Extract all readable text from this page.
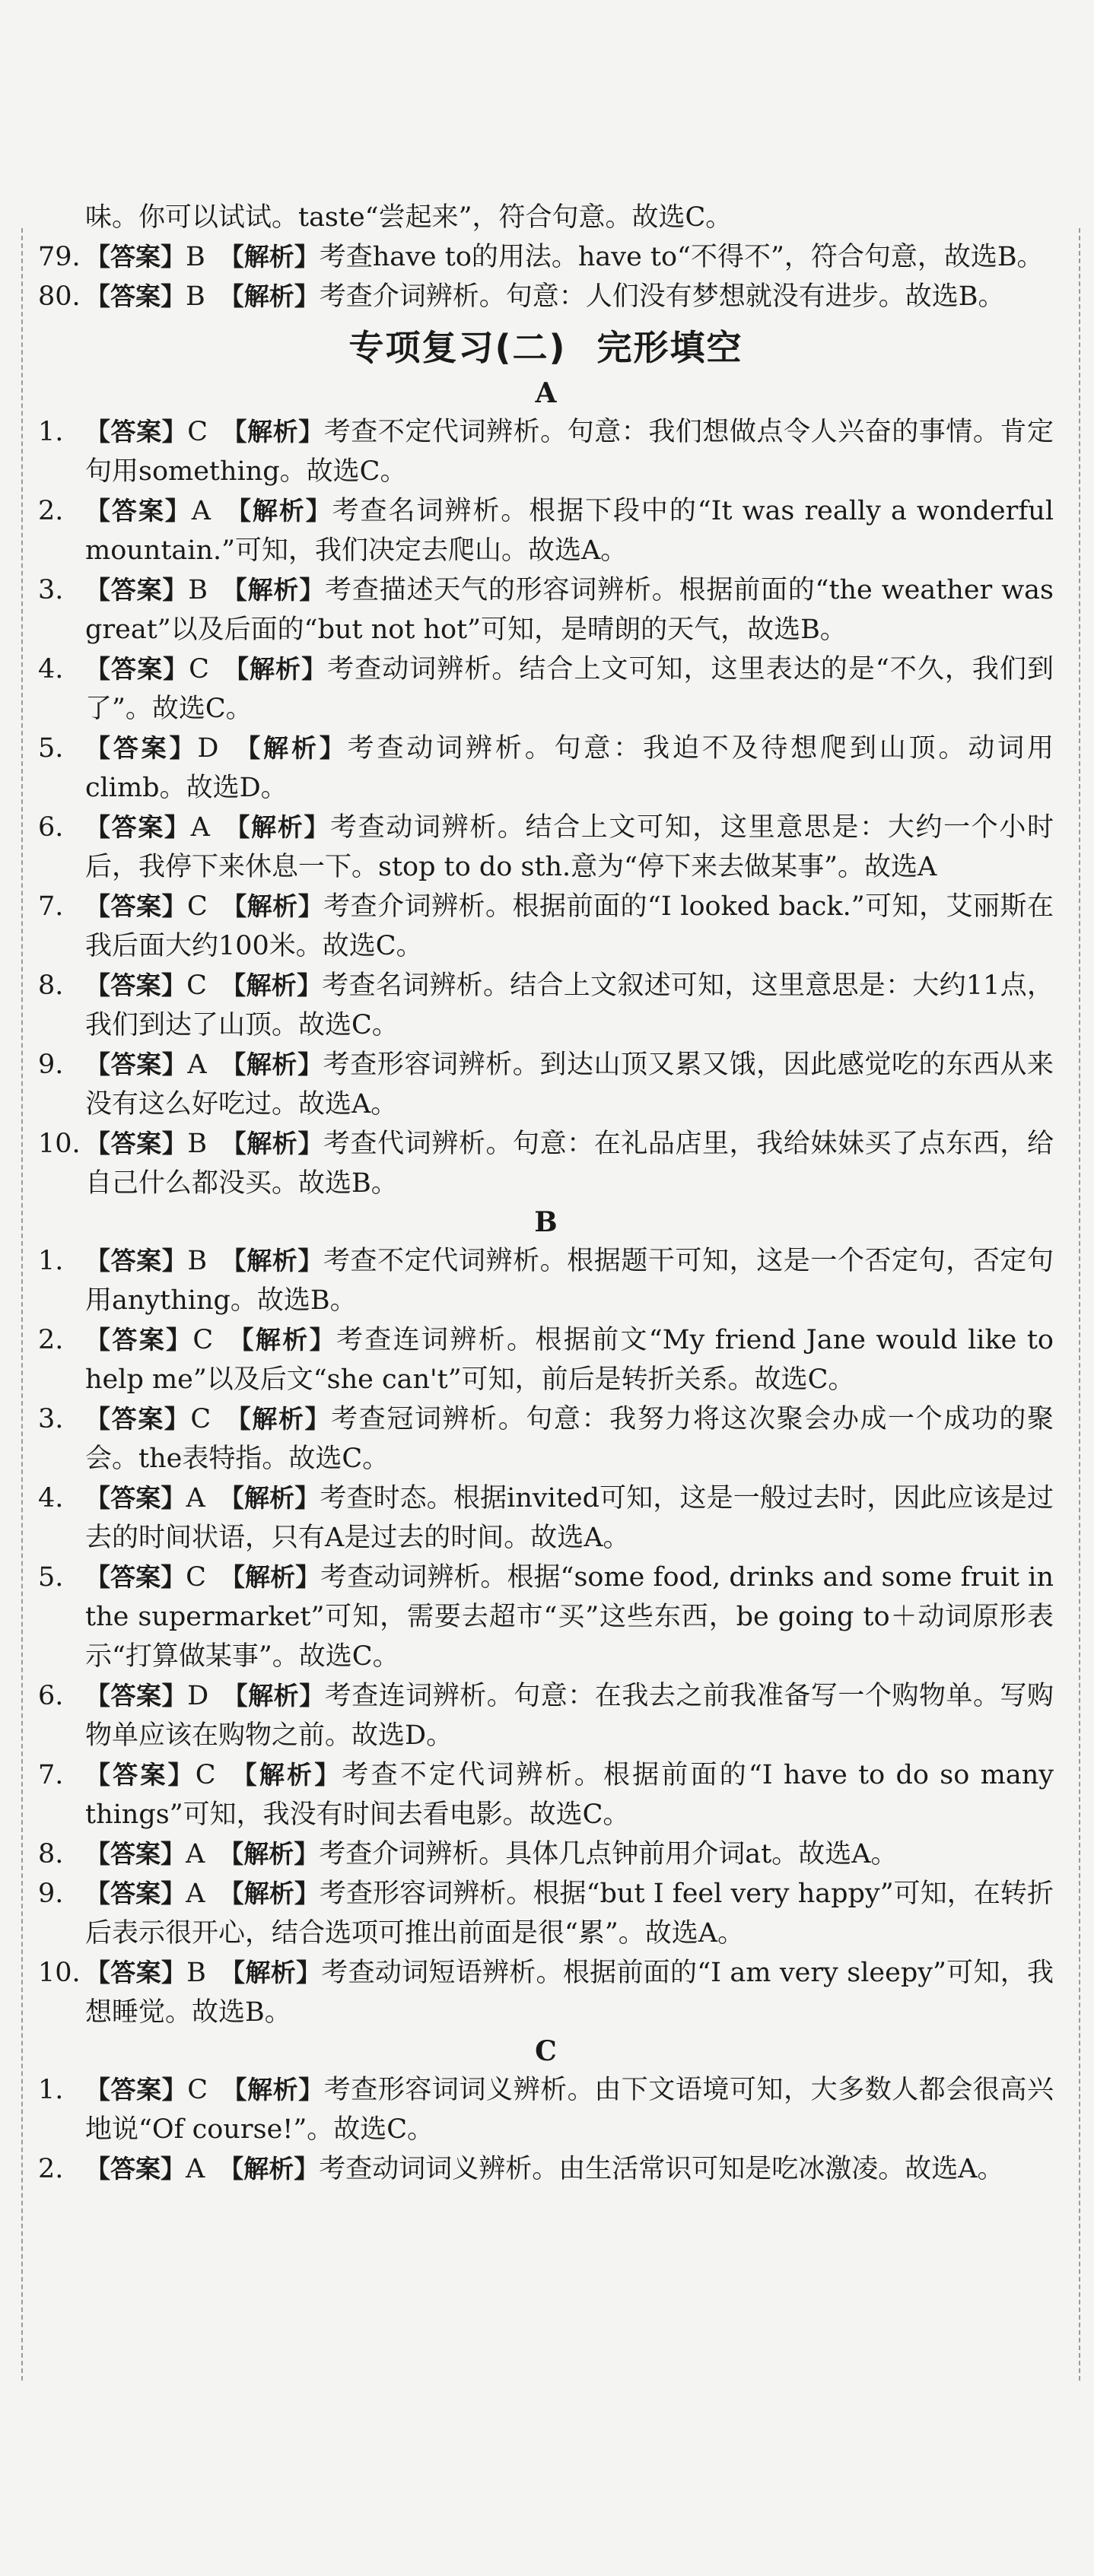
味。你可以试试。taste“尝起来”，符合句意。故选C。
79. 【答案】B 【解析】考查have to的用法。have to“不得不”，符合句意，故选B。
80. 【答案】B 【解析】考查介词辨析。句意：人们没有梦想就没有进步。故选B。
专项复习(二) 完形填空
A
1. 【答案】C 【解析】考查不定代词辨析。句意：我们想做点令人兴奋的事情。肯定句用something。故选C。
2. 【答案】A 【解析】考查名词辨析。根据下段中的“It was really a wonderful mountain.”可知，我们决定去爬山。故选A。
3. 【答案】B 【解析】考查描述天气的形容词辨析。根据前面的“the weather was great”以及后面的“but not hot”可知，是晴朗的天气，故选B。
4. 【答案】C 【解析】考查动词辨析。结合上文可知，这里表达的是“不久，我们到了”。故选C。
5. 【答案】D 【解析】考查动词辨析。句意：我迫不及待想爬到山顶。动词用climb。故选D。
6. 【答案】A 【解析】考查动词辨析。结合上文可知，这里意思是：大约一个小时后，我停下来休息一下。stop to do sth.意为“停下来去做某事”。故选A
7. 【答案】C 【解析】考查介词辨析。根据前面的“I looked back.”可知，艾丽斯在我后面大约100米。故选C。
8. 【答案】C 【解析】考查名词辨析。结合上文叙述可知，这里意思是：大约11点，我们到达了山顶。故选C。
9. 【答案】A 【解析】考查形容词辨析。到达山顶又累又饿，因此感觉吃的东西从来没有这么好吃过。故选A。
10. 【答案】B 【解析】考查代词辨析。句意：在礼品店里，我给妹妹买了点东西，给自己什么都没买。故选B。
B
1. 【答案】B 【解析】考查不定代词辨析。根据题干可知，这是一个否定句，否定句用anything。故选B。
2. 【答案】C 【解析】考查连词辨析。根据前文“My friend Jane would like to help me”以及后文“she can't”可知，前后是转折关系。故选C。
3. 【答案】C 【解析】考查冠词辨析。句意：我努力将这次聚会办成一个成功的聚会。the表特指。故选C。
4. 【答案】A 【解析】考查时态。根据invited可知，这是一般过去时，因此应该是过去的时间状语，只有A是过去的时间。故选A。
5. 【答案】C 【解析】考查动词辨析。根据“some food, drinks and some fruit in the supermarket”可知，需要去超市“买”这些东西，be going to＋动词原形表示“打算做某事”。故选C。
6. 【答案】D 【解析】考查连词辨析。句意：在我去之前我准备写一个购物单。写购物单应该在购物之前。故选D。
7. 【答案】C 【解析】考查不定代词辨析。根据前面的“I have to do so many things”可知，我没有时间去看电影。故选C。
8. 【答案】A 【解析】考查介词辨析。具体几点钟前用介词at。故选A。
9. 【答案】A 【解析】考查形容词辨析。根据“but I feel very happy”可知，在转折后表示很开心，结合选项可推出前面是很“累”。故选A。
10. 【答案】B 【解析】考查动词短语辨析。根据前面的“I am very sleepy”可知，我想睡觉。故选B。
C
1. 【答案】C 【解析】考查形容词词义辨析。由下文语境可知，大多数人都会很高兴地说“Of course!”。故选C。
2. 【答案】A 【解析】考查动词词义辨析。由生活常识可知是吃冰激凌。故选A。
